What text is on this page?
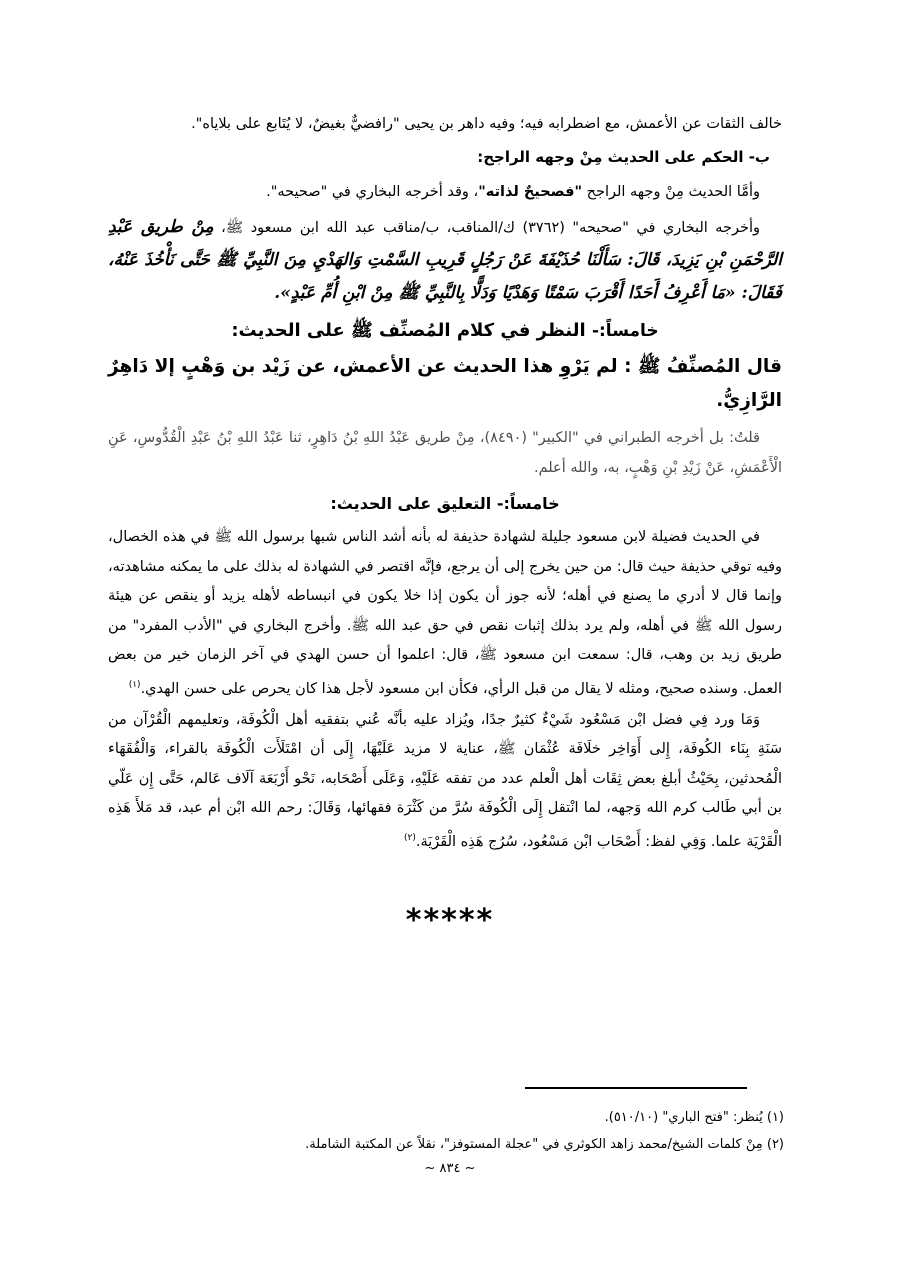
خالف الثقات عن الأعمش، مع اضطرابه فيه؛ وفيه داهر بن يحيى "رافضيٌّ بغيضٌ، لا يُتَابع على بلاياه".

ب- الحكم على الحديث مِنْ وجهه الراجح:

وأمَّا الحديث مِنْ وجهه الراجح "فصحيحٌ لذاته"، وقد أخرجه البخاري في "صحيحه".

وأخرجه البخاري في "صحيحه" (٣٧٦٢) ك/المناقب، ب/مناقب عبد الله ابن مسعود ﷺ، مِنْ طريق عَبْدِ الرَّحْمَنِ بْنِ يَزِيدَ، قَالَ: سَأَلْنَا حُذَيْفَةَ عَنْ رَجُلٍ قَرِيبِ السَّمْتِ وَالهَدْيِ مِنَ النَّبِيِّ ﷺ حَتَّى نَأْخُذَ عَنْهُ، فَقَالَ: «مَا أَعْرِفُ أَحَدًا أَقْرَبَ سَمْتًا وَهَدْيًا وَدَلًّا بِالنَّبِيِّ ﷺ مِنْ ابْنِ أُمِّ عَبْدٍ».

خامساً:- النظر في كلام المُصنِّف ﷺ على الحديث:

قال المُصنِّفُ ﷺ : لم يَرْوِ هذا الحديث عن الأعمش، عن زَيْد بن وَهْبٍ إلا دَاهِرٌ الرَّازِيُّ.

قلتُ: بل أخرجه الطبراني في "الكبير" (٨٤٩٠)، مِنْ طريق عَبْدُ اللهِ بْنُ دَاهِرٍ، ثنا عَبْدُ اللهِ بْنُ عَبْدِ الْقُدُّوسِ، عَنِ الْأَعْمَشِ، عَنْ زَيْدِ بْنِ وَهْبٍ، به، والله أعلم.

خامساً:- التعليق على الحديث:

في الحديث فضيلة لابن مسعود جليلة لشهادة حذيفة له بأنه أشد الناس شبها برسول الله ﷺ في هذه الخصال، وفيه توقي حذيفة حيث قال: من حين يخرج إلى أن يرجع، فإنَّه اقتصر في الشهادة له بذلك على ما يمكنه مشاهدته، وإنما قال لا أدري ما يصنع في أهله؛ لأنه جوز أن يكون إذا خلا يكون في انبساطه لأهله يزيد أو ينقص عن هيئة رسول الله ﷺ في أهله، ولم يرد بذلك إثبات نقص في حق عبد الله ﷺ. وأخرج البخاري في "الأدب المفرد" من طريق زيد بن وهب، قال: سمعت ابن مسعود ﷺ، قال: اعلموا أن حسن الهدي في آخر الزمان خير من بعض العمل. وسنده صحيح، ومثله لا يقال من قبل الرأي، فكأن ابن مسعود لأجل هذا كان يحرص على حسن الهدي.$^{(١)}$

وَمَا ورد فِي فضل ابْن مَسْعُود شَيْءٌ كثيرٌ جدًا، ويُزاد عليه بأنَّه عُني بتفقيه أهل الْكُوفَة، وتعليمهم الْقُرْآن من سَنَةِ بِنَاء الكُوفَة، إِلى أَوَاخِر خلَافَة عُثْمَان ﷺ، عناية لا مزيد عَلَيْهَا، إِلَى أن امْتَلَأَت الْكُوفَة بالقراء، وَالْفُقَهَاء الْمُحدثين، بِحَيْثُ أبلغ بعض ثِقَات أهل الْعلم عدد من تفقه عَلَيْهِ، وَعَلَى أَصْحَابه، نَحْو أَرْبَعَة آلَاف عَالم، حَتَّى إِن عَلّي بن أبي طَالب كرم الله وَجهه، لما انْتقل إِلَى الْكُوفَة سُرَّ من كَثْرَة فقهائها، وَقَالَ: رحم الله ابْن أم عبد، قد مَلأَ هَذِه الْقَرْيَة علما. وَفِي لفظ: أَصْحَاب ابْن مَسْعُود، سُرُج هَذِه الْقَرْيَة.$^{(٢)}$

*****

(١) يُنظر: "فتح الباري" (٥١٠/١٠).

(٢) مِنْ كلمات الشيخ/محمد زاهد الكوثري في "عجلة المستوفز"، نقلاً عن المكتبة الشاملة.

~ ٨٣٤ ~
